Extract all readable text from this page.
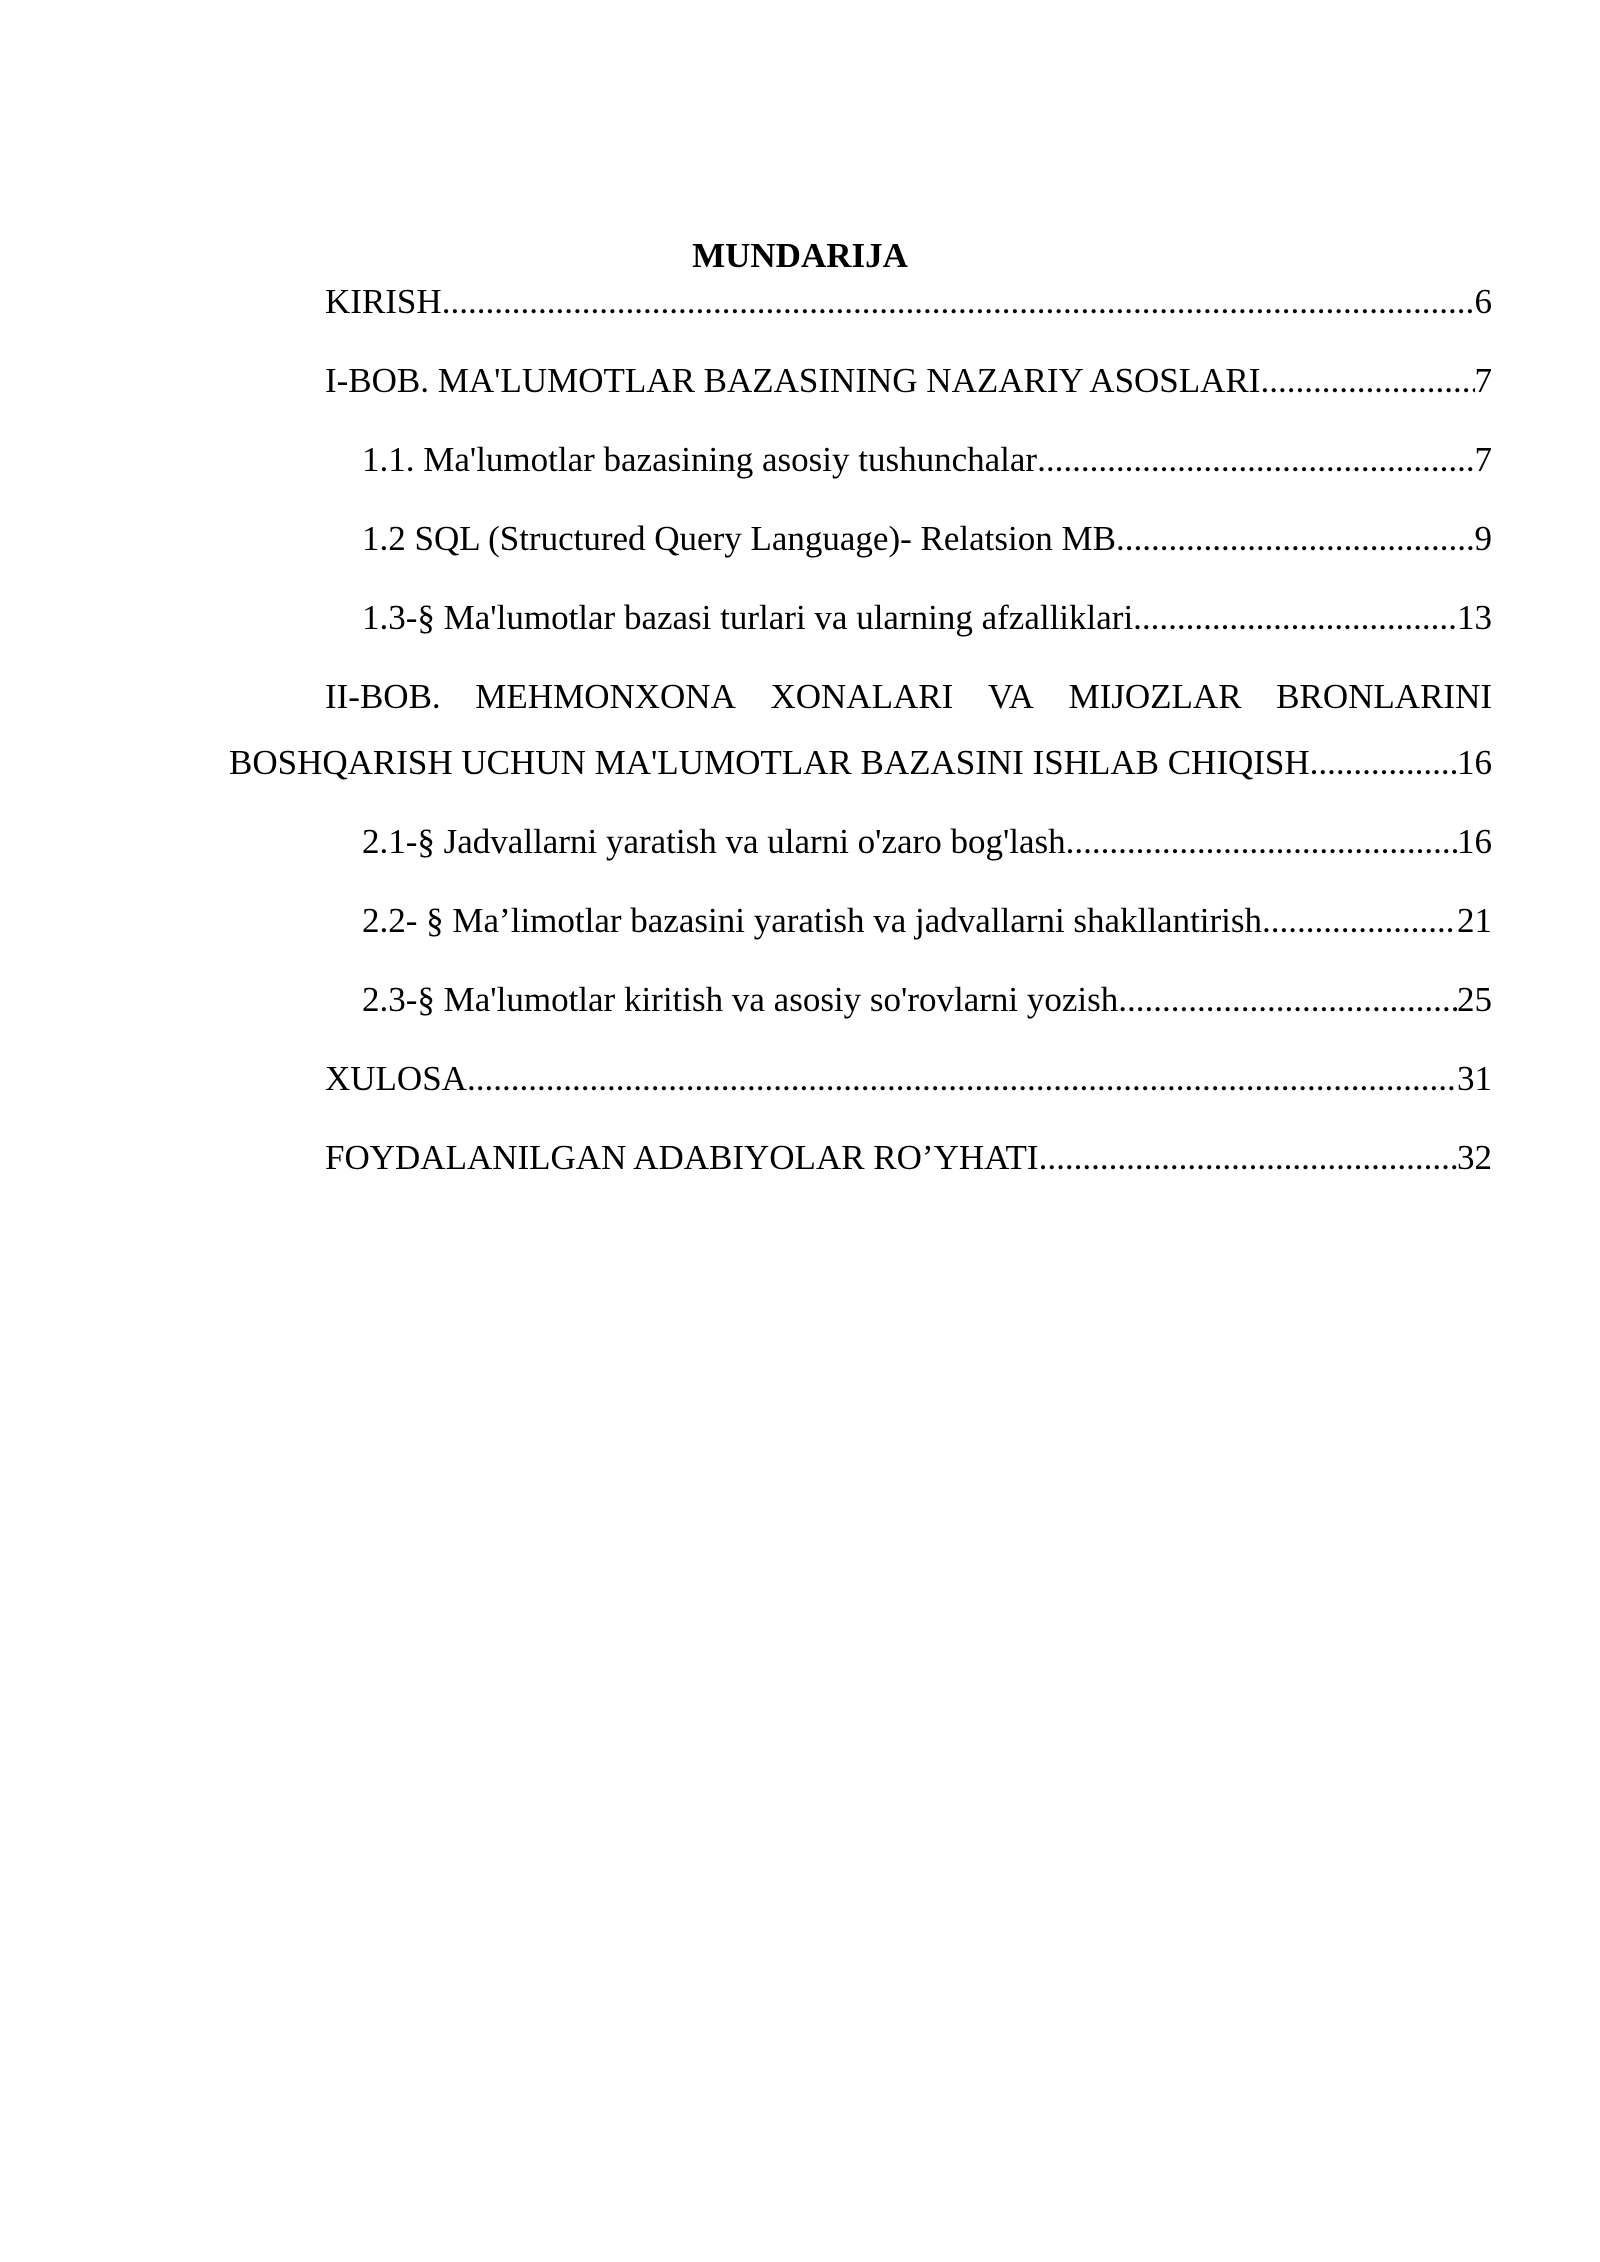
MUNDARIJA
KIRISH .....	6
I-BOB. MA'LUMOTLAR BAZASINING NAZARIY ASOSLARI .....	7
1.1. Ma'lumotlar bazasining asosiy tushunchalar .....	7
1.2 SQL (Structured Query Language)- Relatsion MB .....	9
1.3-§ Ma'lumotlar bazasi turlari va ularning afzalliklari .....	13
II-BOB. MEHMONXONA XONALARI VA MIJOZLAR BRONLARINI
BOSHQARISH UCHUN MA'LUMOTLAR BAZASINI ISHLAB CHIQISH .....	16
2.1-§ Jadvallarni yaratish va ularni o'zaro bog'lash .....	16
2.2- § Ma’limotlar bazasini yaratish va jadvallarni shakllantirish .....	21
2.3-§ Ma'lumotlar kiritish va asosiy so'rovlarni yozish .....	25
XULOSA .....	31
FOYDALANILGAN ADABIYOLAR RO’YHATI .....	32
